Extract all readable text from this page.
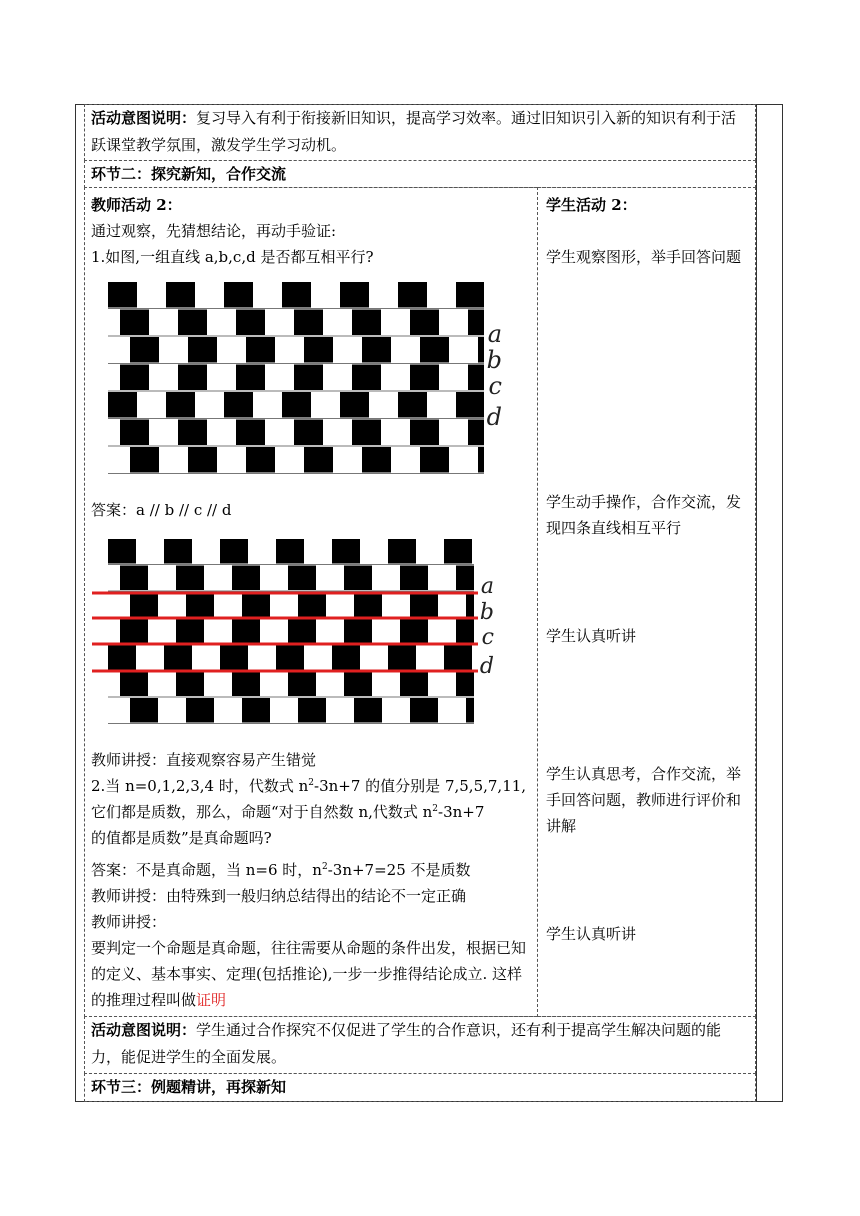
活动意图说明：复习导入有利于衔接新旧知识，提高学习效率。通过旧知识引入新的知识有利于活跃课堂教学氛围，激发学生学习动机。
环节二：探究新知，合作交流
教师活动 2：
通过观察，先猜想结论，再动手验证:
1.如图,一组直线 a,b,c,d 是否都互相平行?
a
b
c
d
答案：a // b // c // d
a
b
c
d
教师讲授：直接观察容易产生错觉
2.当 n=0,1,2,3,4 时，代数式 $n^2-3n+7$ 的值分别是 7,5,5,7,11,
它们都是质数，那么，命题“对于自然数 n,代数式 $n^2-3n+7$
的值都是质数”是真命题吗?
答案：不是真命题，当 n=6 时，$n^2-3n+7=25$ 不是质数
教师讲授：由特殊到一般归纳总结得出的结论不一定正确
教师讲授：
要判定一个命题是真命题，往往需要从命题的条件出发，根据已知的定义、基本事实、定理(包括推论),一步一步推得结论成立. 这样的推理过程叫做证明
学生活动 2：
学生观察图形，举手回答问题
学生动手操作，合作交流，发现四条直线相互平行
学生认真听讲
学生认真思考，合作交流，举手回答问题，教师进行评价和讲解
学生认真听讲
活动意图说明：学生通过合作探究不仅促进了学生的合作意识，还有利于提高学生解决问题的能力，能促进学生的全面发展。
环节三：例题精讲，再探新知
